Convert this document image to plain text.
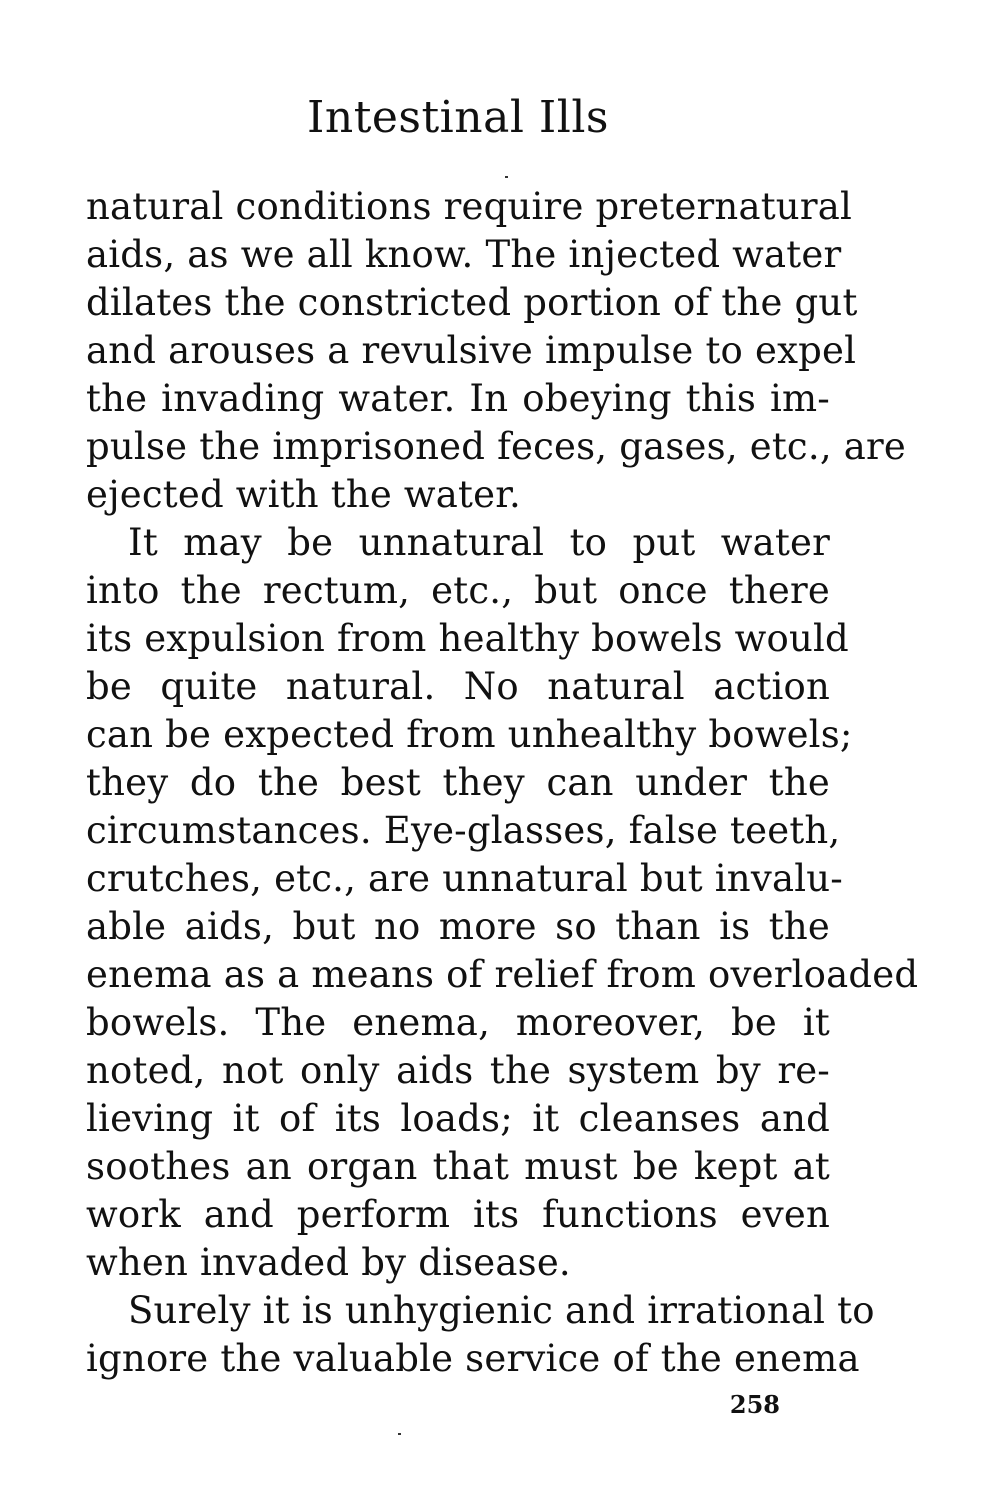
Intestinal Ills
natural conditions require preternatural
aids, as we all know. The injected water
dilates the constricted portion of the gut
and arouses a revulsive impulse to expel
the invading water. In obeying this im-
pulse the imprisoned feces, gases, etc., are
ejected with the water.
It may be unnatural to put water
into the rectum, etc., but once there
its expulsion from healthy bowels would
be quite natural. No natural action
can be expected from unhealthy bowels;
they do the best they can under the
circumstances. Eye-glasses, false teeth,
crutches, etc., are unnatural but invalu-
able aids, but no more so than is the
enema as a means of relief from overloaded
bowels. The enema, moreover, be it
noted, not only aids the system by re-
lieving it of its loads; it cleanses and
soothes an organ that must be kept at
work and perform its functions even
when invaded by disease.
Surely it is unhygienic and irrational to
ignore the valuable service of the enema
258
